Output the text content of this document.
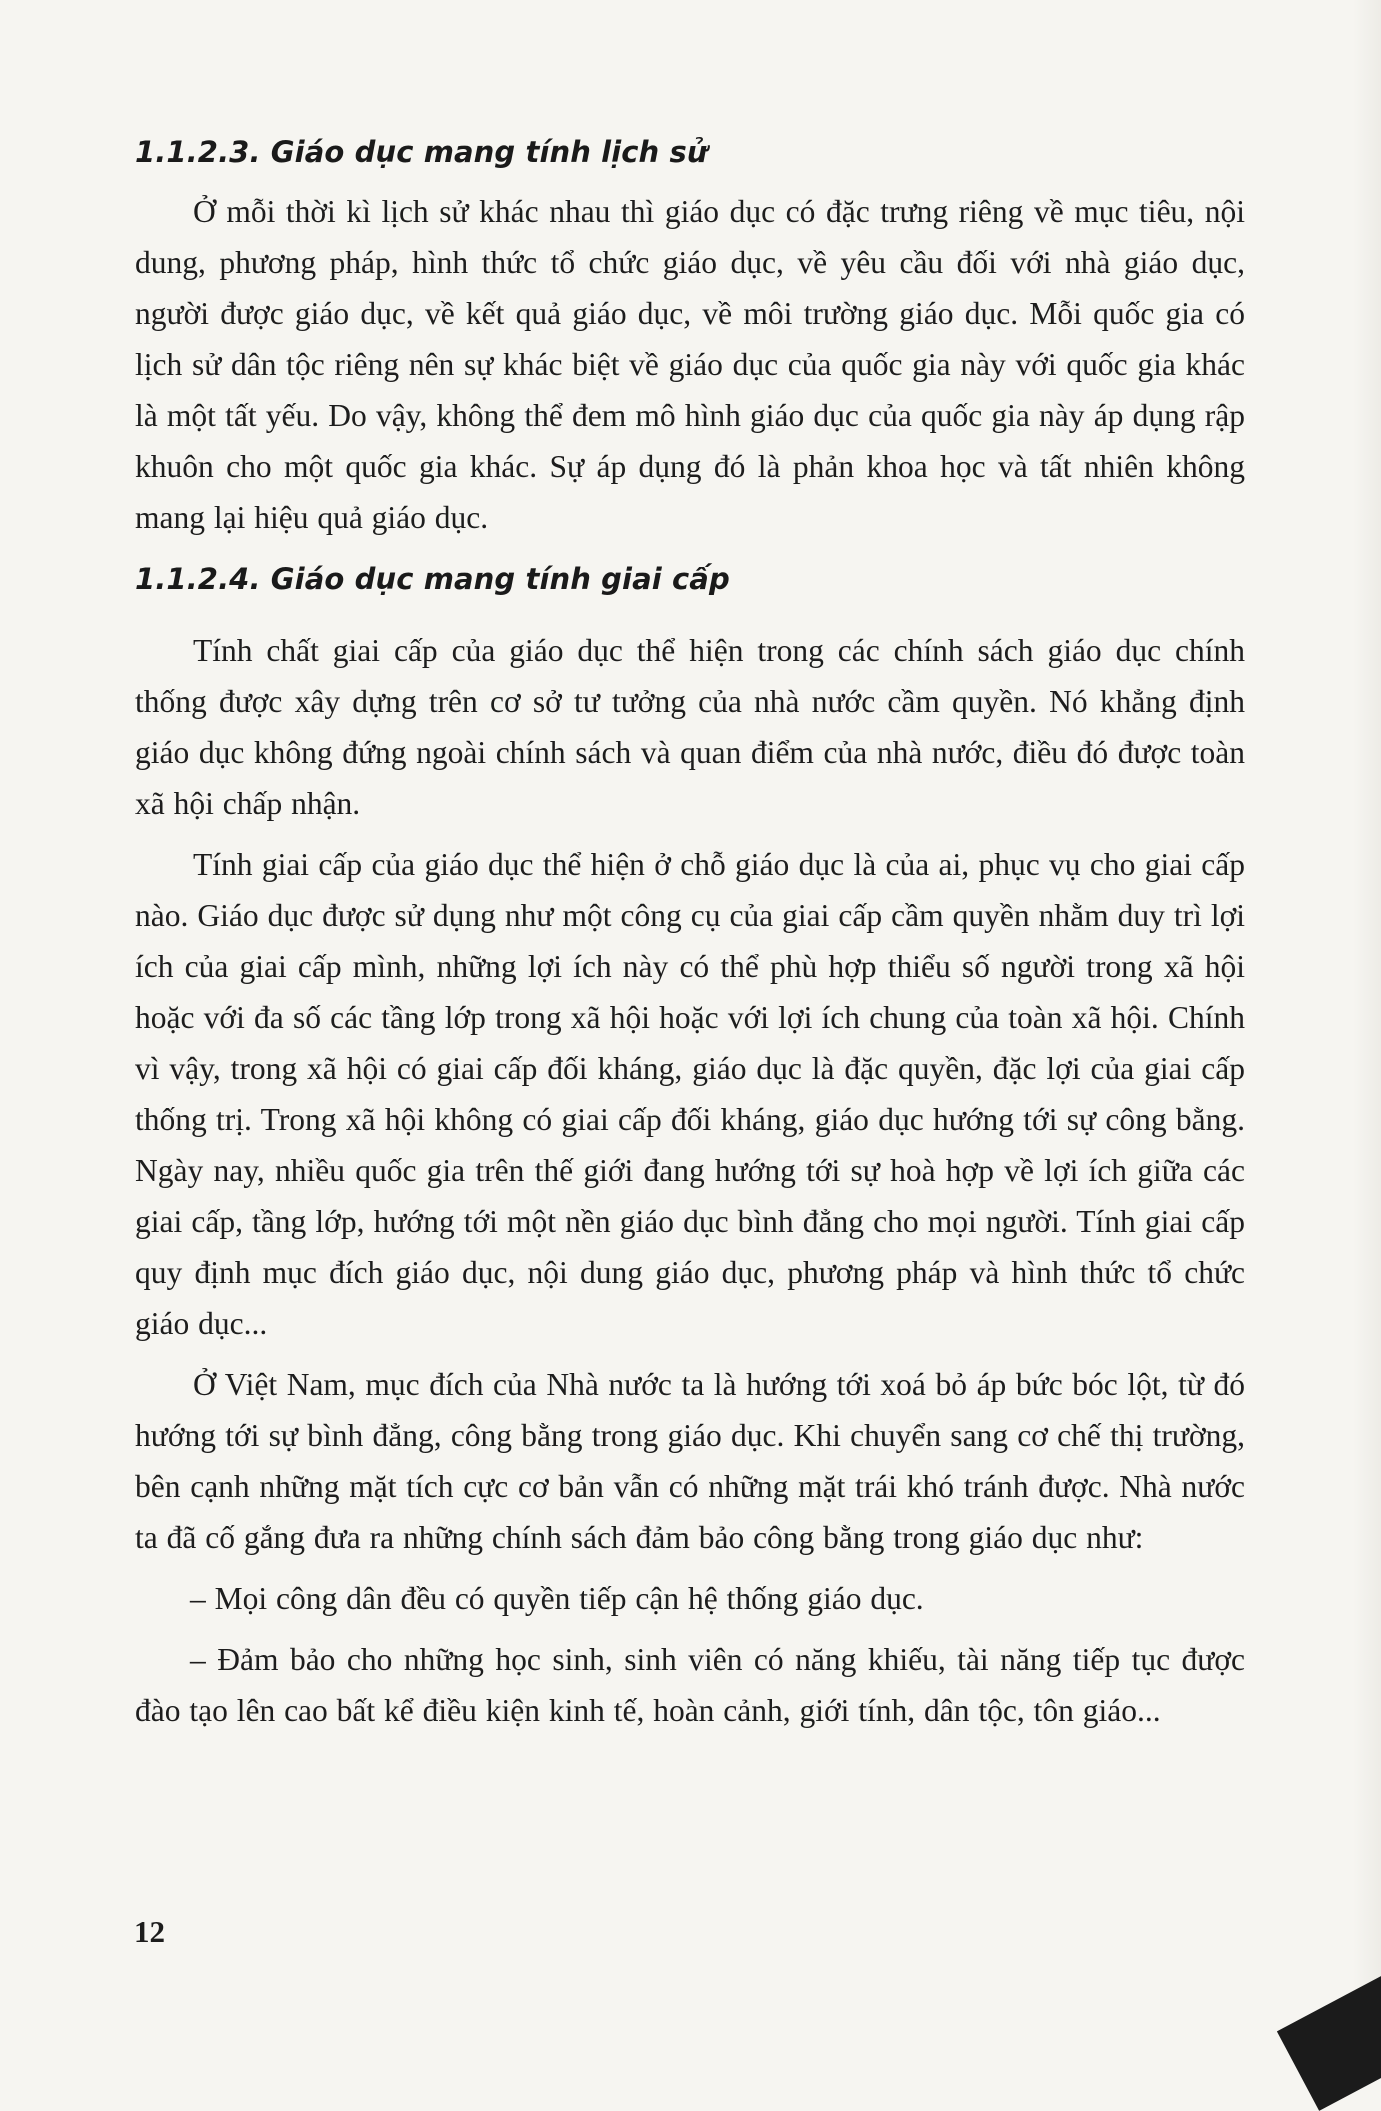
1.1.2.3. Giáo dục mang tính lịch sử

Ở mỗi thời kì lịch sử khác nhau thì giáo dục có đặc trưng riêng về mục tiêu, nội dung, phương pháp, hình thức tổ chức giáo dục, về yêu cầu đối với nhà giáo dục, người được giáo dục, về kết quả giáo dục, về môi trường giáo dục. Mỗi quốc gia có lịch sử dân tộc riêng nên sự khác biệt về giáo dục của quốc gia này với quốc gia khác là một tất yếu. Do vậy, không thể đem mô hình giáo dục của quốc gia này áp dụng rập khuôn cho một quốc gia khác. Sự áp dụng đó là phản khoa học và tất nhiên không mang lại hiệu quả giáo dục.

1.1.2.4. Giáo dục mang tính giai cấp

Tính chất giai cấp của giáo dục thể hiện trong các chính sách giáo dục chính thống được xây dựng trên cơ sở tư tưởng của nhà nước cầm quyền. Nó khẳng định giáo dục không đứng ngoài chính sách và quan điểm của nhà nước, điều đó được toàn xã hội chấp nhận.

Tính giai cấp của giáo dục thể hiện ở chỗ giáo dục là của ai, phục vụ cho giai cấp nào. Giáo dục được sử dụng như một công cụ của giai cấp cầm quyền nhằm duy trì lợi ích của giai cấp mình, những lợi ích này có thể phù hợp thiểu số người trong xã hội hoặc với đa số các tầng lớp trong xã hội hoặc với lợi ích chung của toàn xã hội. Chính vì vậy, trong xã hội có giai cấp đối kháng, giáo dục là đặc quyền, đặc lợi của giai cấp thống trị. Trong xã hội không có giai cấp đối kháng, giáo dục hướng tới sự công bằng. Ngày nay, nhiều quốc gia trên thế giới đang hướng tới sự hoà hợp về lợi ích giữa các giai cấp, tầng lớp, hướng tới một nền giáo dục bình đẳng cho mọi người. Tính giai cấp quy định mục đích giáo dục, nội dung giáo dục, phương pháp và hình thức tổ chức giáo dục...

Ở Việt Nam, mục đích của Nhà nước ta là hướng tới xoá bỏ áp bức bóc lột, từ đó hướng tới sự bình đẳng, công bằng trong giáo dục. Khi chuyển sang cơ chế thị trường, bên cạnh những mặt tích cực cơ bản vẫn có những mặt trái khó tránh được. Nhà nước ta đã cố gắng đưa ra những chính sách đảm bảo công bằng trong giáo dục như:

– Mọi công dân đều có quyền tiếp cận hệ thống giáo dục.

– Đảm bảo cho những học sinh, sinh viên có năng khiếu, tài năng tiếp tục được đào tạo lên cao bất kể điều kiện kinh tế, hoàn cảnh, giới tính, dân tộc, tôn giáo...

12
